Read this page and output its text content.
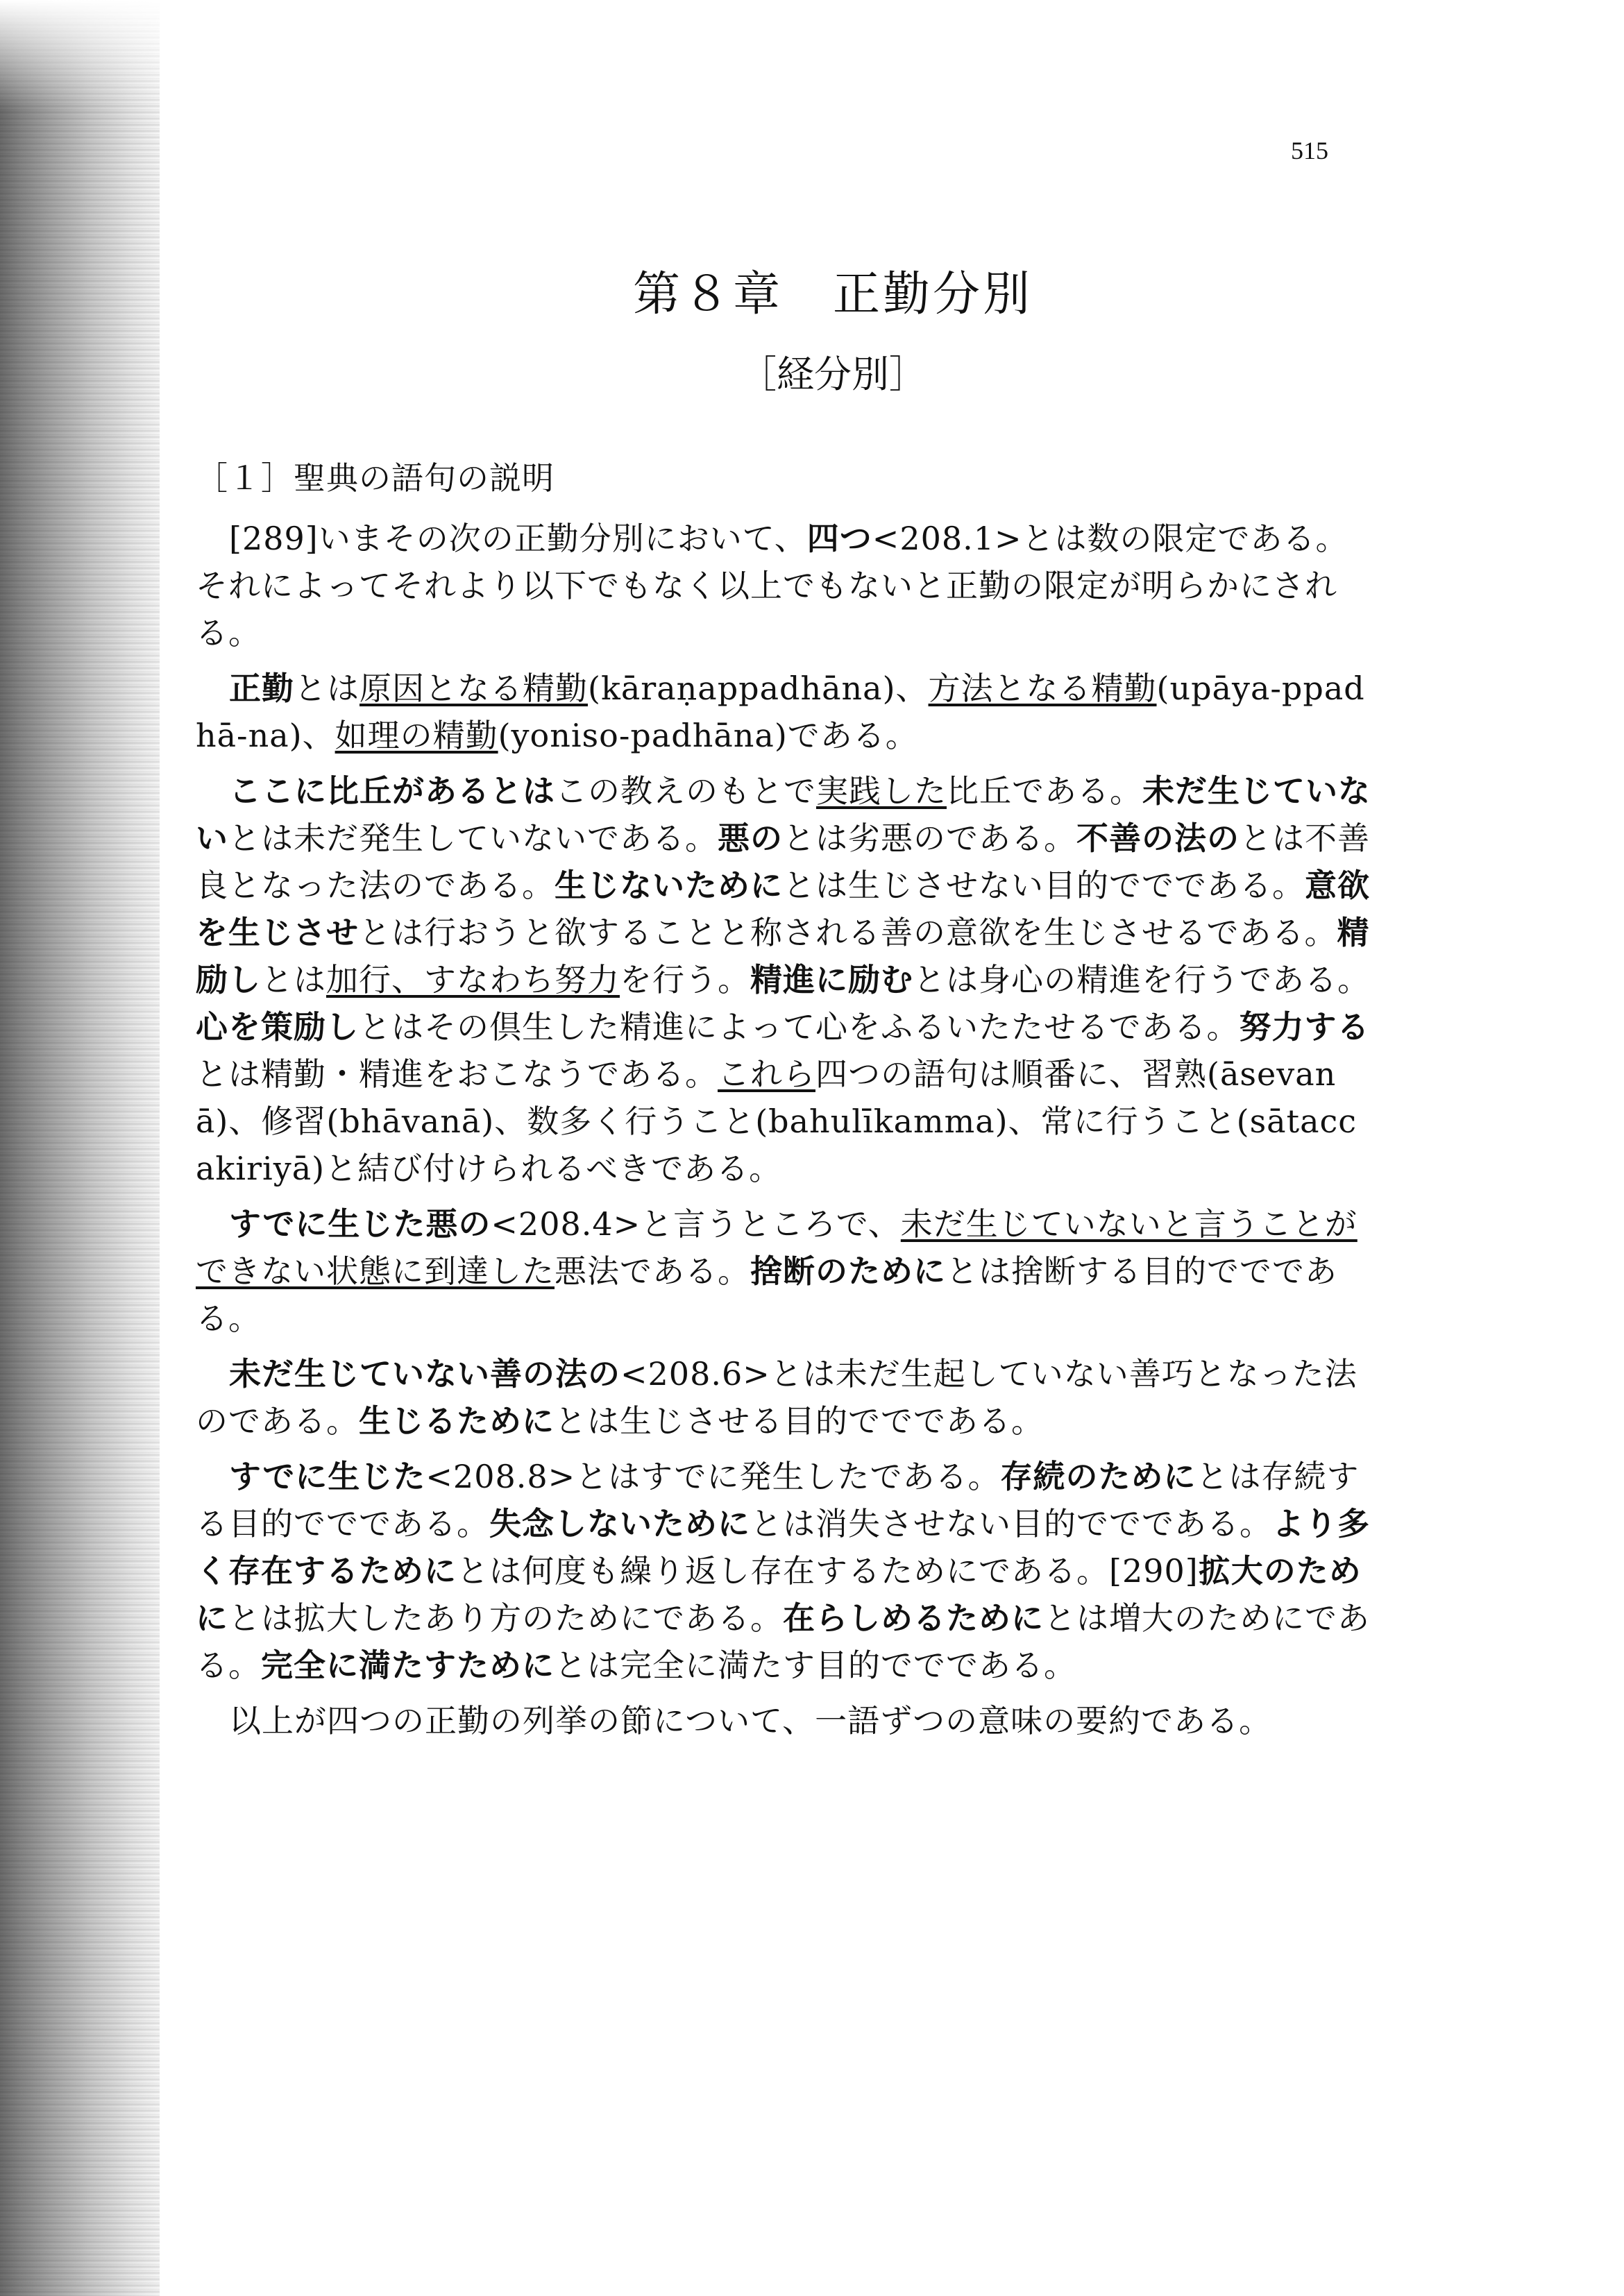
515
第８章　正勤分別
［経分別］
［１］聖典の語句の説明

[289]いまその次の正勤分別において、四つ<208.1>とは数の限定である。それによってそれより以下でもなく以上でもないと正勤の限定が明らかにされる。

正勤とは原因となる精勤(kāraṇappadhāna)、方法となる精勤(upāya-ppadhā-na)、如理の精勤(yoniso-padhāna)である。

ここに比丘があるとはこの教えのもとで実践した比丘である。未だ生じていないとは未だ発生していないである。悪のとは劣悪のである。不善の法のとは不善良となった法のである。生じないためにとは生じさせない目的ででである。意欲を生じさせとは行おうと欲することと称される善の意欲を生じさせるである。精励しとは加行、すなわち努力を行う。精進に励むとは身心の精進を行うである。心を策励しとはその倶生した精進によって心をふるいたたせるである。努力するとは精勤・精進をおこなうである。これら四つの語句は順番に、習熟(āsevanā)、修習(bhāvanā)、数多く行うこと(bahulīkamma)、常に行うこと(sātaccakiriyā)と結び付けられるべきである。

すでに生じた悪の<208.4>と言うところで、未だ生じていないと言うことができない状態に到達した悪法である。捨断のためにとは捨断する目的ででである。

未だ生じていない善の法の<208.6>とは未だ生起していない善巧となった法のである。生じるためにとは生じさせる目的ででである。

すでに生じた<208.8>とはすでに発生したである。存続のためにとは存続する目的ででである。失念しないためにとは消失させない目的ででである。より多く存在するためにとは何度も繰り返し存在するためにである。[290]拡大のためにとは拡大したあり方のためにである。在らしめるためにとは増大のためにである。完全に満たすためにとは完全に満たす目的ででである。

以上が四つの正勤の列挙の節について、一語ずつの意味の要約である。
